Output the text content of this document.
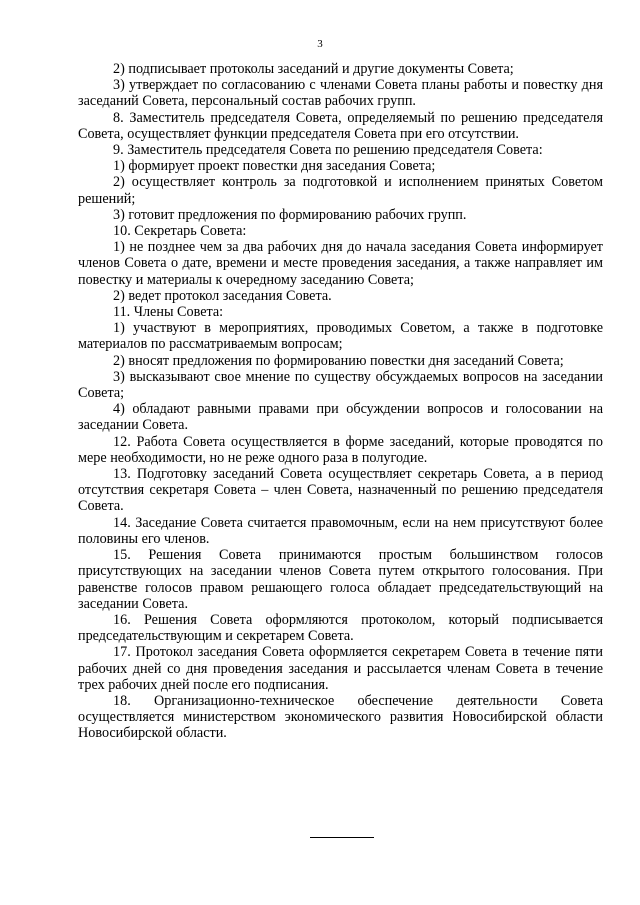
3

2) подписывает протоколы заседаний и другие документы Совета;

3) утверждает по согласованию с членами Совета планы работы и повестку дня заседаний Совета, персональный состав рабочих групп.

8. Заместитель председателя Совета, определяемый по решению председателя Совета, осуществляет функции председателя Совета при его отсутствии.

9. Заместитель председателя Совета по решению председателя Совета:

1) формирует проект повестки дня заседания Совета;

2) осуществляет контроль за подготовкой и исполнением принятых Советом решений;

3) готовит предложения по формированию рабочих групп.

10. Секретарь Совета:

1) не позднее чем за два рабочих дня до начала заседания Совета информирует членов Совета о дате, времени и месте проведения заседания, а также направляет им повестку и материалы к очередному заседанию Совета;

2) ведет протокол заседания Совета.

11. Члены Совета:

1) участвуют в мероприятиях, проводимых Советом, а также в подготовке материалов по рассматриваемым вопросам;

2) вносят предложения по формированию повестки дня заседаний Совета;

3) высказывают свое мнение по существу обсуждаемых вопросов на заседании Совета;

4) обладают равными правами при обсуждении вопросов и голосовании на заседании Совета.

12. Работа Совета осуществляется в форме заседаний, которые проводятся по мере необходимости, но не реже одного раза в полугодие.

13. Подготовку заседаний Совета осуществляет секретарь Совета, а в период отсутствия секретаря Совета – член Совета, назначенный по решению председателя Совета.

14. Заседание Совета считается правомочным, если на нем присутствуют более половины его членов.

15. Решения Совета принимаются простым большинством голосов присутствующих на заседании членов Совета путем открытого голосования. При равенстве голосов правом решающего голоса обладает председательствующий на заседании Совета.

16. Решения Совета оформляются протоколом, который подписывается председательствующим и секретарем Совета.

17. Протокол заседания Совета оформляется секретарем Совета в течение пяти рабочих дней со дня проведения заседания и рассылается членам Совета в течение трех рабочих дней после его подписания.

18. Организационно-техническое обеспечение деятельности Совета осуществляется министерством экономического развития Новосибирской области Новосибирской области.
